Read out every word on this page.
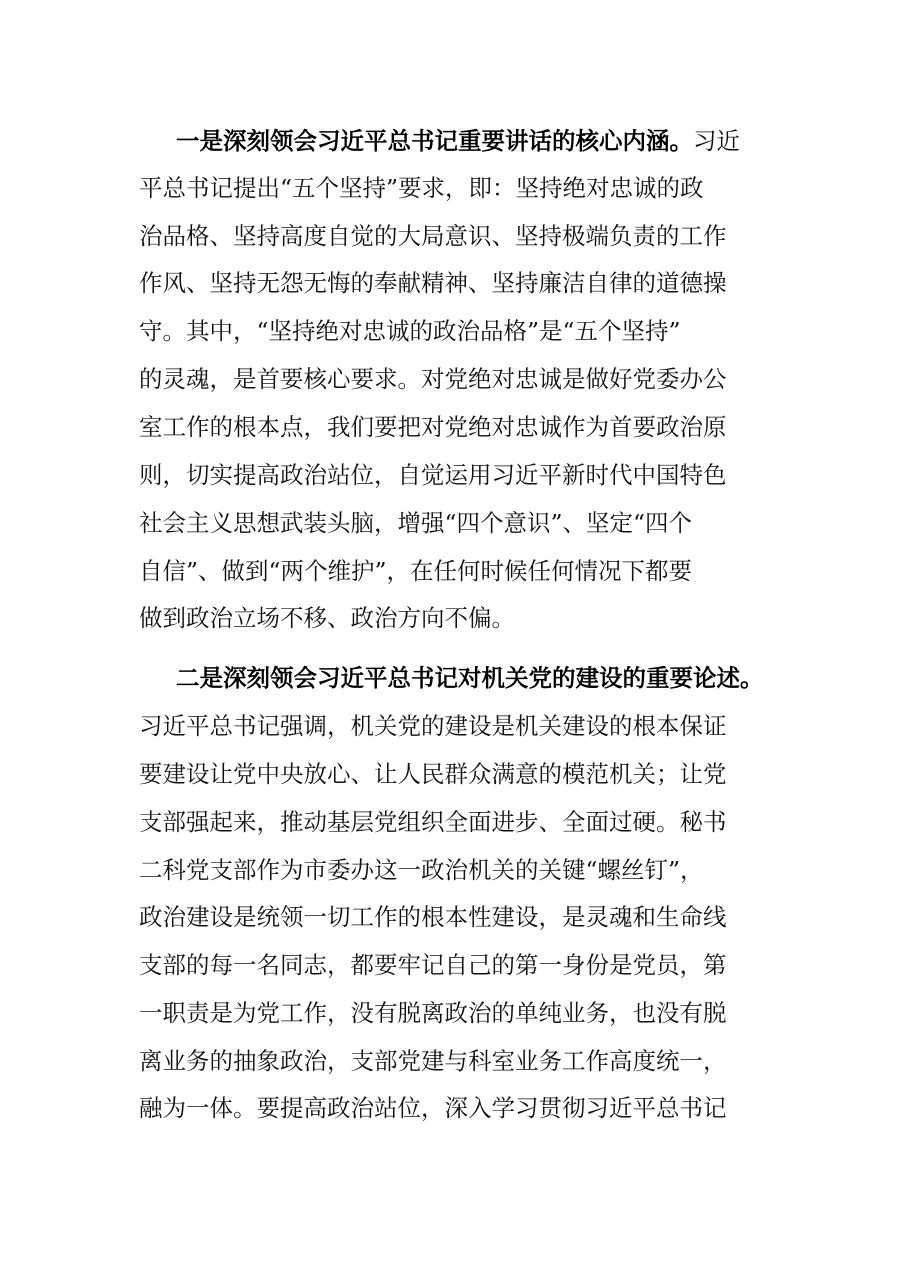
一是深刻领会习近平总书记重要讲话的核心内涵。习近
平总书记提出“五个坚持”要求，即：坚持绝对忠诚的政
治品格、坚持高度自觉的大局意识、坚持极端负责的工作
作风、坚持无怨无悔的奉献精神、坚持廉洁自律的道德操
守。其中，“坚持绝对忠诚的政治品格”是“五个坚持”
的灵魂，是首要核心要求。对党绝对忠诚是做好党委办公
室工作的根本点，我们要把对党绝对忠诚作为首要政治原
则，切实提高政治站位，自觉运用习近平新时代中国特色
社会主义思想武装头脑，增强“四个意识”、坚定“四个
自信”、做到“两个维护”，在任何时候任何情况下都要
做到政治立场不移、政治方向不偏。
二是深刻领会习近平总书记对机关党的建设的重要论述。
习近平总书记强调，机关党的建设是机关建设的根本保证
要建设让党中央放心、让人民群众满意的模范机关；让党
支部强起来，推动基层党组织全面进步、全面过硬。秘书
二科党支部作为市委办这一政治机关的关键“螺丝钉”，
政治建设是统领一切工作的根本性建设，是灵魂和生命线
支部的每一名同志，都要牢记自己的第一身份是党员，第
一职责是为党工作，没有脱离政治的单纯业务，也没有脱
离业务的抽象政治，支部党建与科室业务工作高度统一，
融为一体。要提高政治站位，深入学习贯彻习近平总书记
